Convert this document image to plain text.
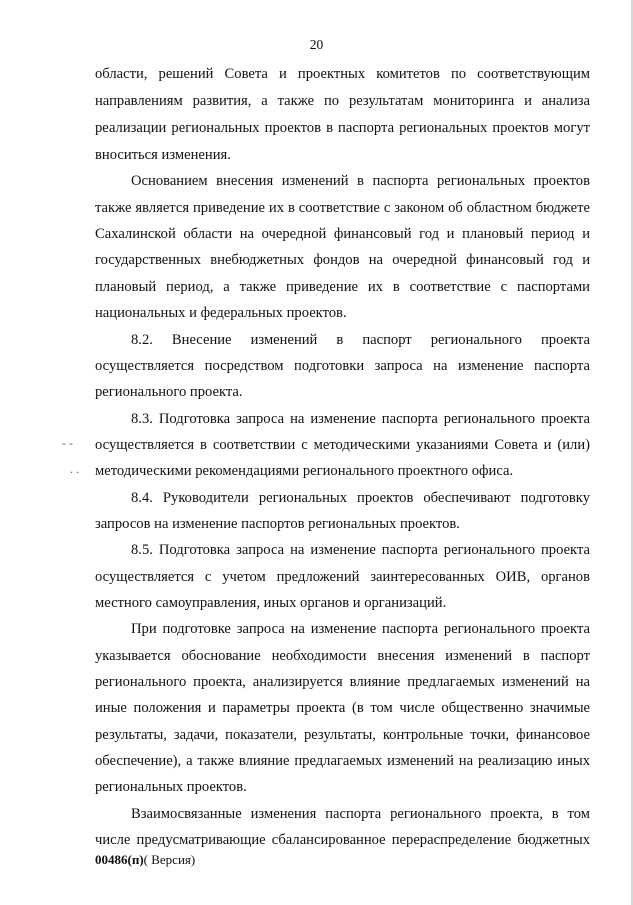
20
области, решений Совета и проектных комитетов по соответствующим
направлениям развития, а также по результатам мониторинга и анализа
реализации региональных проектов в паспорта региональных проектов могут
вноситься изменения.
Основанием внесения изменений в паспорта региональных проектов
также является приведение их в соответствие с законом об областном бюджете
Сахалинской области на очередной финансовый год и плановый период и
государственных внебюджетных фондов на очередной финансовый год и
плановый период, а также приведение их в соответствие с паспортами
национальных и федеральных проектов.
8.2. Внесение изменений в паспорт регионального проекта
осуществляется посредством подготовки запроса на изменение паспорта
регионального проекта.
8.3. Подготовка запроса на изменение паспорта регионального проекта
осуществляется в соответствии с методическими указаниями Совета и (или)
методическими рекомендациями регионального проектного офиса.
8.4. Руководители региональных проектов обеспечивают подготовку
запросов на изменение паспортов региональных проектов.
8.5. Подготовка запроса на изменение паспорта регионального проекта
осуществляется с учетом предложений заинтересованных ОИВ, органов
местного самоуправления, иных органов и организаций.
При подготовке запроса на изменение паспорта регионального проекта
указывается обоснование необходимости внесения изменений в паспорт
регионального проекта, анализируется влияние предлагаемых изменений на
иные положения и параметры проекта (в том числе общественно значимые
результаты, задачи, показатели, результаты, контрольные точки, финансовое
обеспечение), а также влияние предлагаемых изменений на реализацию иных
региональных проектов.
Взаимосвязанные изменения паспорта регионального проекта, в том
числе предусматривающие сбалансированное перераспределение бюджетных
- -
. .
00486(п)( Версия)
